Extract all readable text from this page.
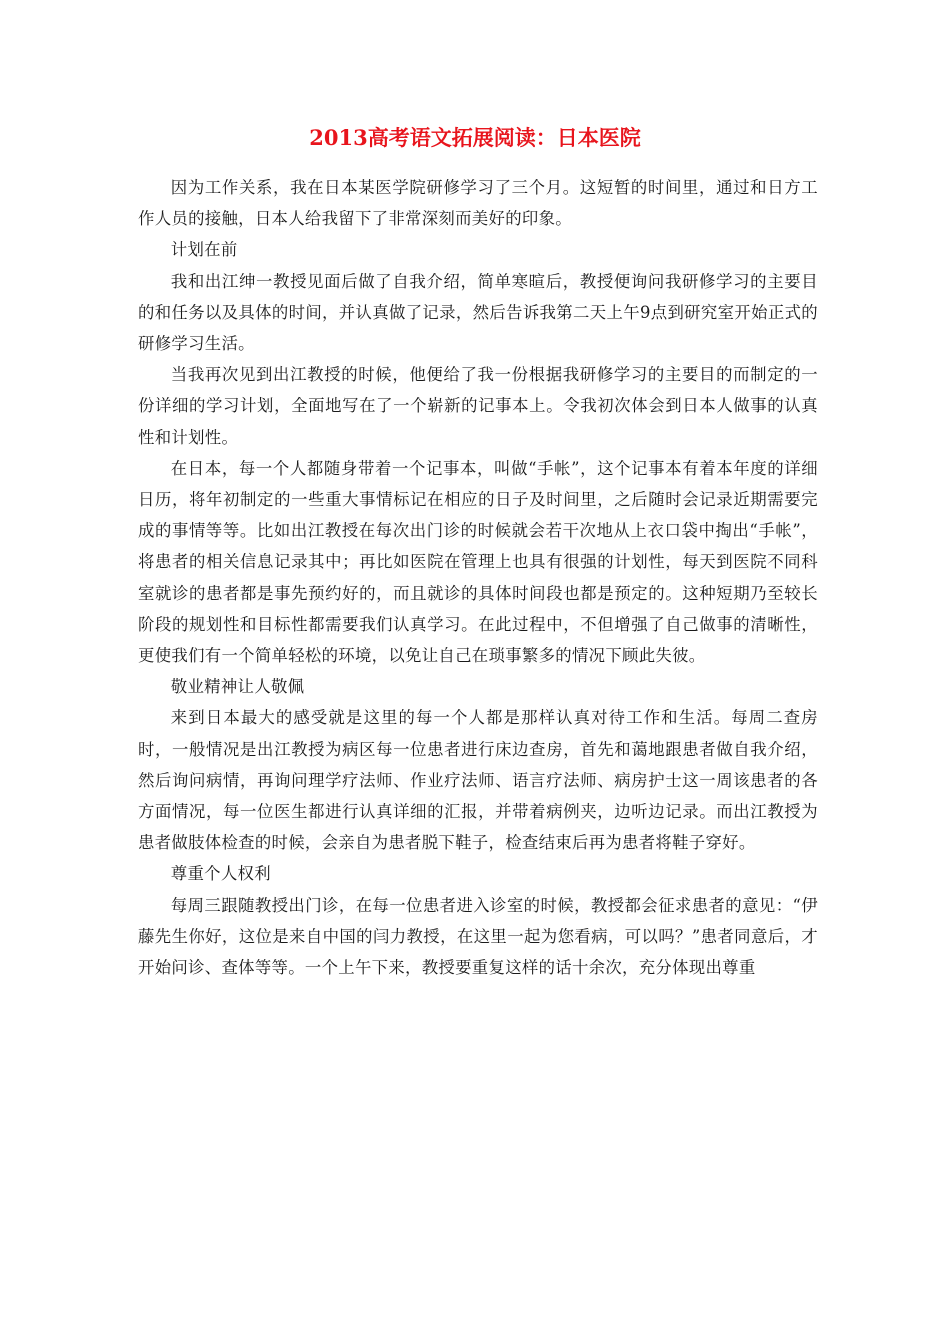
2013高考语文拓展阅读：日本医院

因为工作关系，我在日本某医学院研修学习了三个月。这短暂的时间里，通过和日方工作人员的接触，日本人给我留下了非常深刻而美好的印象。

计划在前

我和出江绅一教授见面后做了自我介绍，简单寒暄后，教授便询问我研修学习的主要目的和任务以及具体的时间，并认真做了记录，然后告诉我第二天上午9点到研究室开始正式的研修学习生活。

当我再次见到出江教授的时候，他便给了我一份根据我研修学习的主要目的而制定的一份详细的学习计划，全面地写在了一个崭新的记事本上。令我初次体会到日本人做事的认真性和计划性。

在日本，每一个人都随身带着一个记事本，叫做“手帐”，这个记事本有着本年度的详细日历，将年初制定的一些重大事情标记在相应的日子及时间里，之后随时会记录近期需要完成的事情等等。比如出江教授在每次出门诊的时候就会若干次地从上衣口袋中掏出“手帐”，将患者的相关信息记录其中；再比如医院在管理上也具有很强的计划性，每天到医院不同科室就诊的患者都是事先预约好的，而且就诊的具体时间段也都是预定的。这种短期乃至较长阶段的规划性和目标性都需要我们认真学习。在此过程中，不但增强了自己做事的清晰性，更使我们有一个简单轻松的环境，以免让自己在琐事繁多的情况下顾此失彼。

敬业精神让人敬佩

来到日本最大的感受就是这里的每一个人都是那样认真对待工作和生活。每周二查房时，一般情况是出江教授为病区每一位患者进行床边查房，首先和蔼地跟患者做自我介绍，然后询问病情，再询问理学疗法师、作业疗法师、语言疗法师、病房护士这一周该患者的各方面情况，每一位医生都进行认真详细的汇报，并带着病例夹，边听边记录。而出江教授为患者做肢体检查的时候，会亲自为患者脱下鞋子，检查结束后再为患者将鞋子穿好。

尊重个人权利

每周三跟随教授出门诊，在每一位患者进入诊室的时候，教授都会征求患者的意见：“伊藤先生你好，这位是来自中国的闫力教授，在这里一起为您看病，可以吗？”患者同意后，才开始问诊、查体等等。一个上午下来，教授要重复这样的话十余次，充分体现出尊重
